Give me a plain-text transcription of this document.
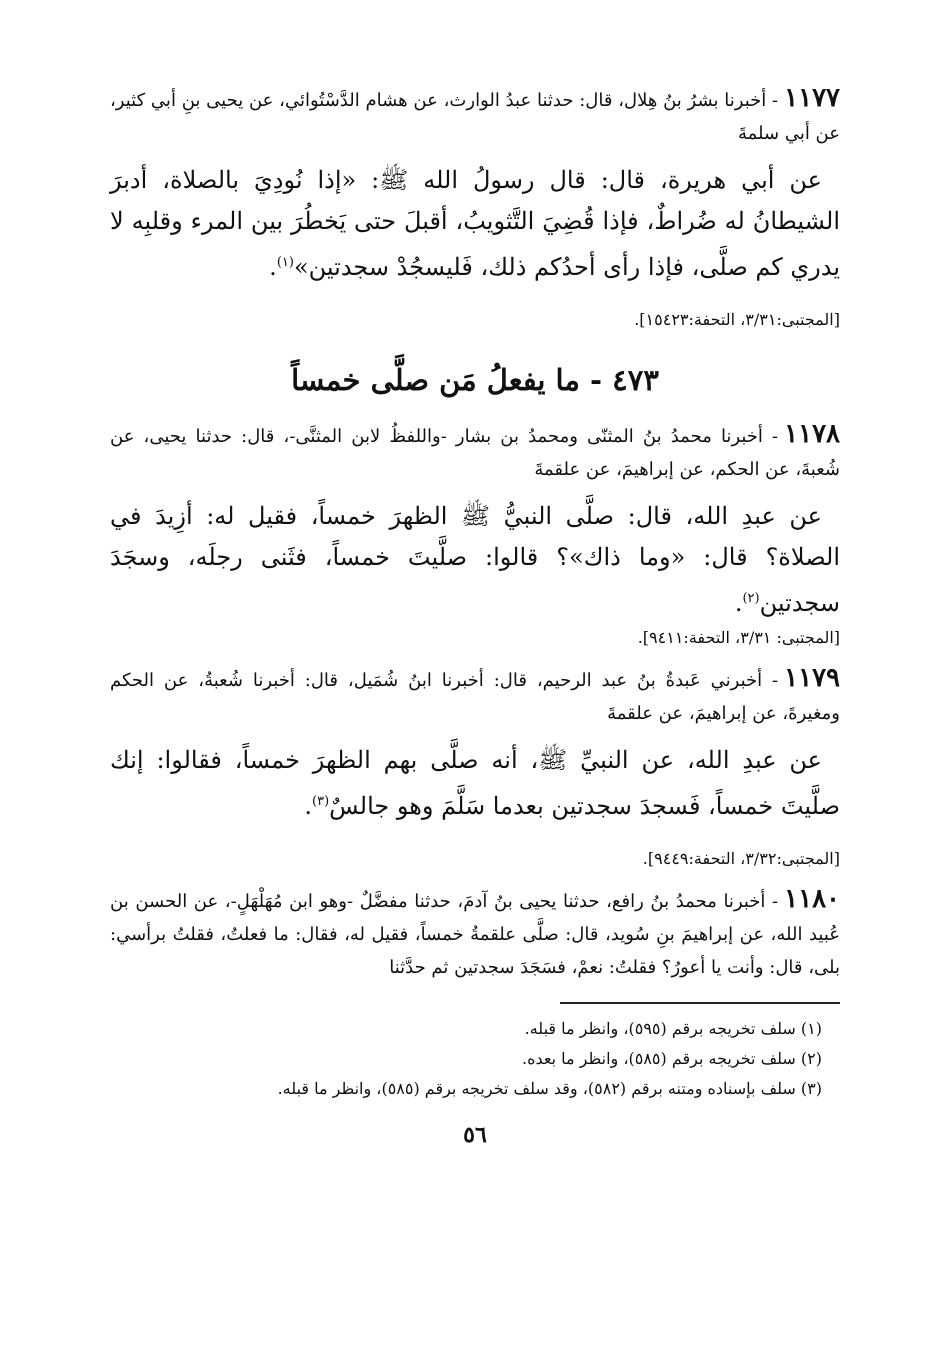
١١٧٧- أخبرنا بشرُ بنُ هِلال، قال: حدثنا عبدُ الوارث، عن هشام الدَّسْتُوائي، عن يحيى بنِ أبي كثير، عن أبي سلمةَ

عن أبي هريرة، قال: قال رسولُ الله ﷺ: «إذا نُودِيَ بالصلاة، أدبرَ الشيطانُ له ضُراطٌ، فإذا قُضِيَ التَّثويبُ، أقبلَ حتى يَخطُرَ بين المرء وقلبِه لا يدري كم صلَّى، فإذا رأى أحدُكم ذلك، فَليسجُدْ سجدتين»$^{(١)}$.

[المجتبى:٣/٣١، التحفة:١٥٤٢٣].

٤٧٣ - ما يفعلُ مَن صلَّى خمساً

١١٧٨- أخبرنا محمدُ بنُ المثنّى ومحمدُ بن بشار -واللفظُ لابن المثنَّى-، قال: حدثنا يحيى، عن شُعبةَ، عن الحكم، عن إبراهيمَ، عن علقمةَ

عن عبدِ الله، قال: صلَّى النبيُّ ﷺ الظهرَ خمساً، فقيل له: أزِيدَ في الصلاة؟ قال: «وما ذاك»؟ قالوا: صلَّيتَ خمساً، فثَنى رجلَه، وسجَدَ سجدتين$^{(٢)}$.

[المجتبى: ٣/٣١، التحفة:٩٤١١].

١١٧٩- أخبرني عَبدةُ بنُ عبد الرحيم، قال: أخبرنا ابنُ شُمَيل، قال: أخبرنا شُعبةُ، عن الحكم ومغيرةَ، عن إبراهيمَ، عن علقمةَ

عن عبدِ الله، عن النبيِّ ﷺ، أنه صلَّى بهم الظهرَ خمساً، فقالوا: إنك صلَّيتَ خمساً، فَسجدَ سجدتين بعدما سَلَّمَ وهو جالسٌ$^{(٣)}$.

[المجتبى:٣/٣٢، التحفة:٩٤٤٩].

١١٨٠- أخبرنا محمدُ بنُ رافع، حدثنا يحيى بنُ آدمَ، حدثنا مفضَّلٌ -وهو ابن مُهَلْهَلٍ-، عن الحسن بن عُبيد الله، عن إبراهيمَ بنِ سُويد، قال: صلَّى علقمةُ خمساً، فقيل له، فقال: ما فعلتُ، فقلتُ برأسي: بلى، قال: وأنت يا أعورُ؟ فقلتُ: نعمْ، فسَجَدَ سجدتين ثم حدَّثنا

(١) سلف تخريجه برقم (٥٩٥)، وانظر ما قبله.

(٢) سلف تخريجه برقم (٥٨٥)، وانظر ما بعده.

(٣) سلف بإسناده ومتنه برقم (٥٨٢)، وقد سلف تخريجه برقم (٥٨٥)، وانظر ما قبله.

٥٦
